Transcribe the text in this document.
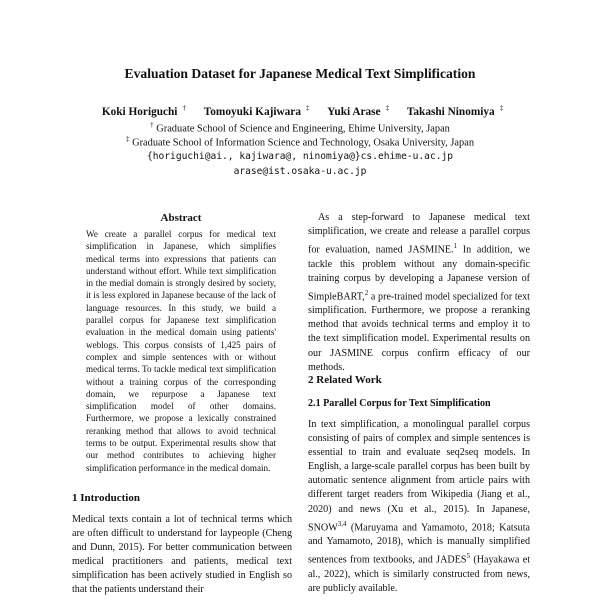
Evaluation Dataset for Japanese Medical Text Simplification
Koki Horiguchi † Tomoyuki Kajiwara ‡ Yuki Arase ‡ Takashi Ninomiya ‡
† Graduate School of Science and Engineering, Ehime University, Japan
‡ Graduate School of Information Science and Technology, Osaka University, Japan
{horiguchi@ai., kajiwara@, ninomiya@}cs.ehime-u.ac.jp
arase@ist.osaka-u.ac.jp
Abstract
We create a parallel corpus for medical text simplification in Japanese, which simplifies medical terms into expressions that patients can understand without effort. While text simplification in the medial domain is strongly desired by society, it is less explored in Japanese because of the lack of language resources. In this study, we build a parallel corpus for Japanese text simplification evaluation in the medical domain using patients' weblogs. This corpus consists of 1,425 pairs of complex and simple sentences with or without medical terms. To tackle medical text simplification without a training corpus of the corresponding domain, we repurpose a Japanese text simplification model of other domains. Furthermore, we propose a lexically constrained reranking method that allows to avoid technical terms to be output. Experimental results show that our method contributes to achieving higher simplification performance in the medical domain.
1 Introduction
Medical texts contain a lot of technical terms which are often difficult to understand for laypeople (Cheng and Dunn, 2015). For better communication between medical practitioners and patients, medical text simplification has been actively studied in English so that the patients understand their
As a step-forward to Japanese medical text simplification, we create and release a parallel corpus for evaluation, named JASMINE.$^1$ In addition, we tackle this problem without any domain-specific training corpus by developing a Japanese version of SimpleBART,$^2$ a pre-trained model specialized for text simplification. Furthermore, we propose a reranking method that avoids technical terms and employ it to the text simplification model. Experimental results on our JASMINE corpus confirm efficacy of our methods.
2 Related Work
2.1 Parallel Corpus for Text Simplification
In text simplification, a monolingual parallel corpus consisting of pairs of complex and simple sentences is essential to train and evaluate seq2seq models. In English, a large-scale parallel corpus has been built by automatic sentence alignment from article pairs with different target readers from Wikipedia (Jiang et al., 2020) and news (Xu et al., 2015). In Japanese, SNOW$^{3,4}$ (Maruyama and Yamamoto, 2018; Katsuta and Yamamoto, 2018), which is manually simplified sentences from textbooks, and JADES$^5$ (Hayakawa et al., 2022), which is similarly constructed from news, are publicly available.
